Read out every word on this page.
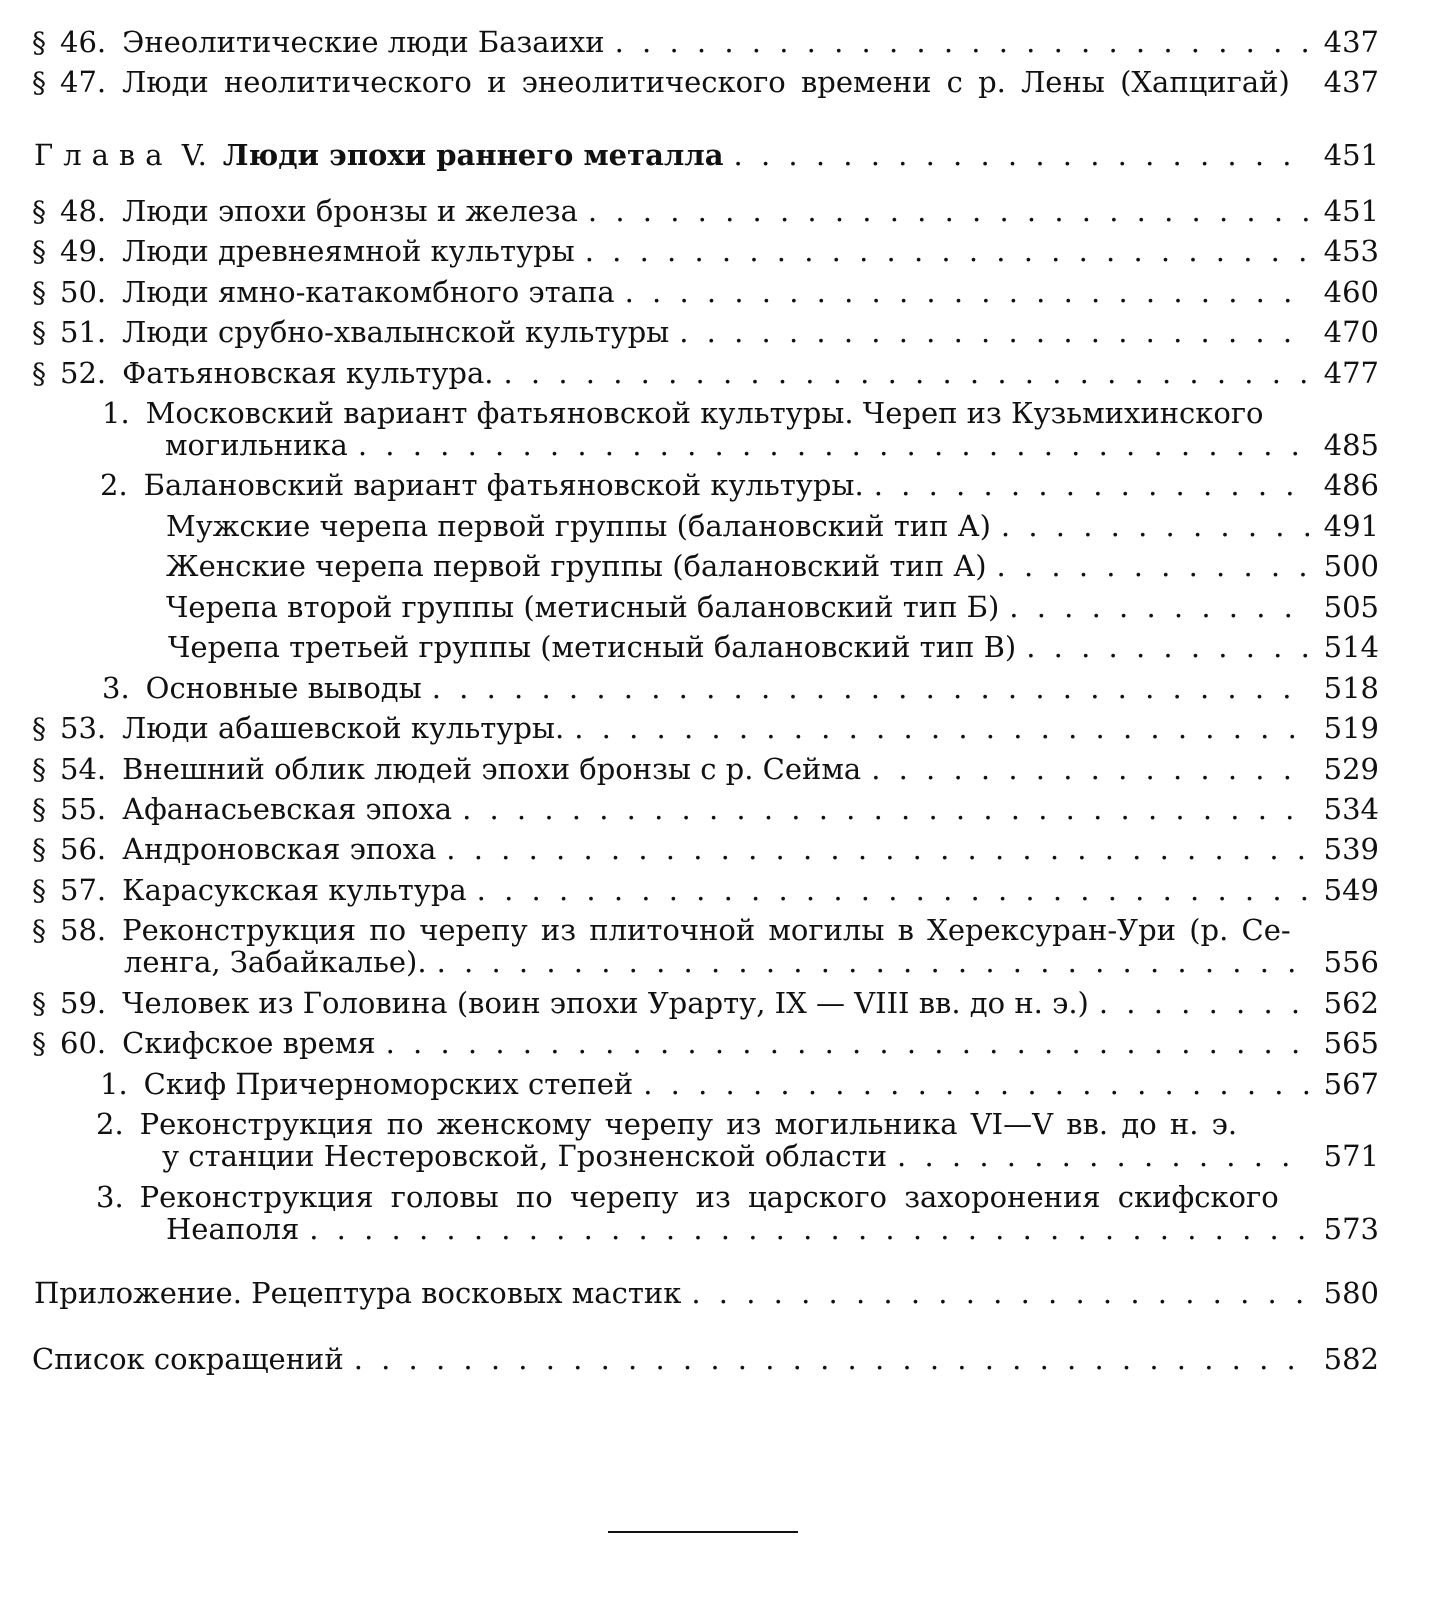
§ 46. Энеолитические люди Базаихи . . .	437
§ 47. Люди неолитического и энеолитического времени с р. Лены (Хапцигай)	437
Глава V. Люди эпохи раннего металла . . .	451
§ 48. Люди эпохи бронзы и железа . . .	451
§ 49. Люди древнеямной культуры . . .	453
§ 50. Люди ямно-катакомбного этапа . . .	460
§ 51. Люди срубно-хвалынской культуры . . .	470
§ 52. Фатьяновская культура. . . .	477
1. Московский вариант фатьяновской культуры. Череп из Кузьмихинского
могильника . . .	485
2. Балановский вариант фатьяновской культуры. . . .	486
Мужские черепа первой группы (балановский тип А) . . .	491
Женские черепа первой группы (балановский тип А) . . .	500
Черепа второй группы (метисный балановский тип Б) . . .	505
Черепа третьей группы (метисный балановский тип В) . . .	514
3. Основные выводы . . .	518
§ 53. Люди абашевской культуры. . . .	519
§ 54. Внешний облик людей эпохи бронзы с р. Сейма . . .	529
§ 55. Афанасьевская эпоха . . .	534
§ 56. Андроновская эпоха . . .	539
§ 57. Карасукская культура . . .	549
§ 58. Реконструкция по черепу из плиточной могилы в Херексуран-Ури (р. Се-
ленга, Забайкалье). . . .	556
§ 59. Человек из Головина (воин эпохи Урарту, IX — VIII вв. до н. э.) . . .	562
§ 60. Скифское время . . .	565
1. Скиф Причерноморских степей . . .	567
2. Реконструкция по женскому черепу из могильника VI—V вв. до н. э.
у станции Нестеровской, Грозненской области . . .	571
3. Реконструкция головы по черепу из царского захоронения скифского
Неаполя . . .	573
Приложение. Рецептура восковых мастик . . .	580
Список сокращений . . .	582
